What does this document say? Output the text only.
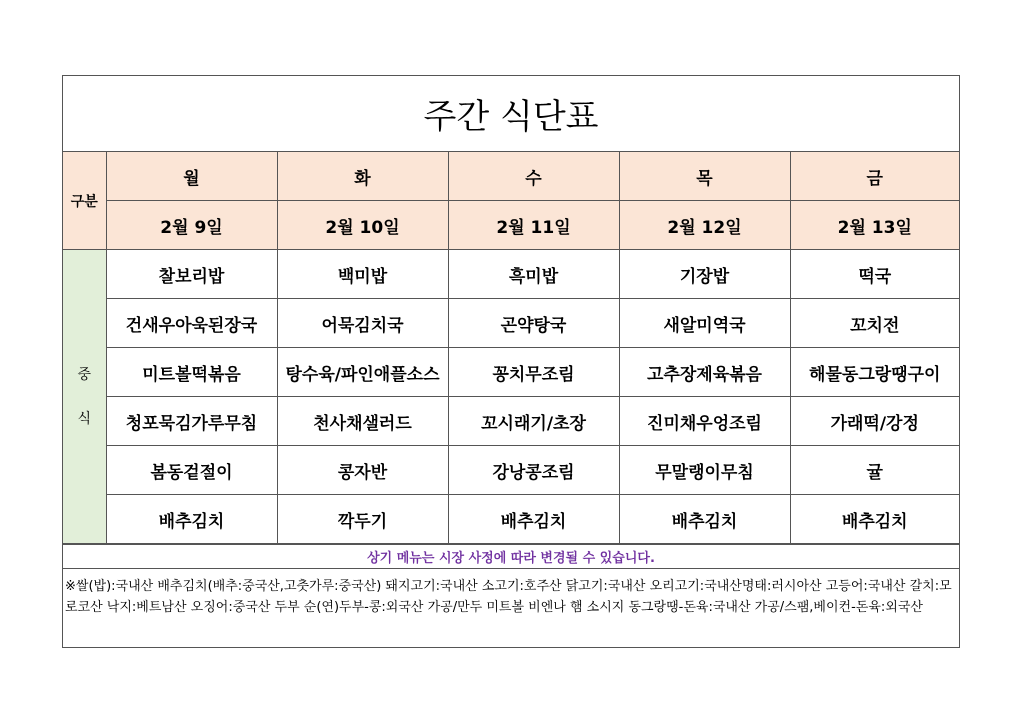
주간 식단표
구분	월	화	수	목	금
	2월 9일	2월 10일	2월 11일	2월 12일	2월 13일

중
식	찰보리밥	백미밥	흑미밥	기장밥	떡국
	건새우아욱된장국	어묵김치국	곤약탕국	새알미역국	꼬치전
	미트볼떡볶음	탕수육/파인애플소스	꽁치무조림	고추장제육볶음	해물동그랑땡구이
	청포묵김가루무침	천사채샐러드	꼬시래기/초장	진미채우엉조림	가래떡/강정
	봄동겉절이	콩자반	강낭콩조림	무말랭이무침	귤
	배추김치	깍두기	배추김치	배추김치	배추김치
상기 메뉴는 시장 사정에 따라 변경될 수 있습니다.
※쌀(밥):국내산 배추김치(배추:중국산,고춧가루:중국산) 돼지고기:국내산 소고기:호주산 닭고기:국내산 오리고기:국내산명태:러시아산 고등어:국내산 갈치:모로코산 낙지:베트남산 오징어:중국산 두부 순(연)두부-콩:외국산 가공/만두 미트볼 비엔나 햄 소시지 동그랑땡-돈육:국내산 가공/스팸,베이컨-돈육:외국산
